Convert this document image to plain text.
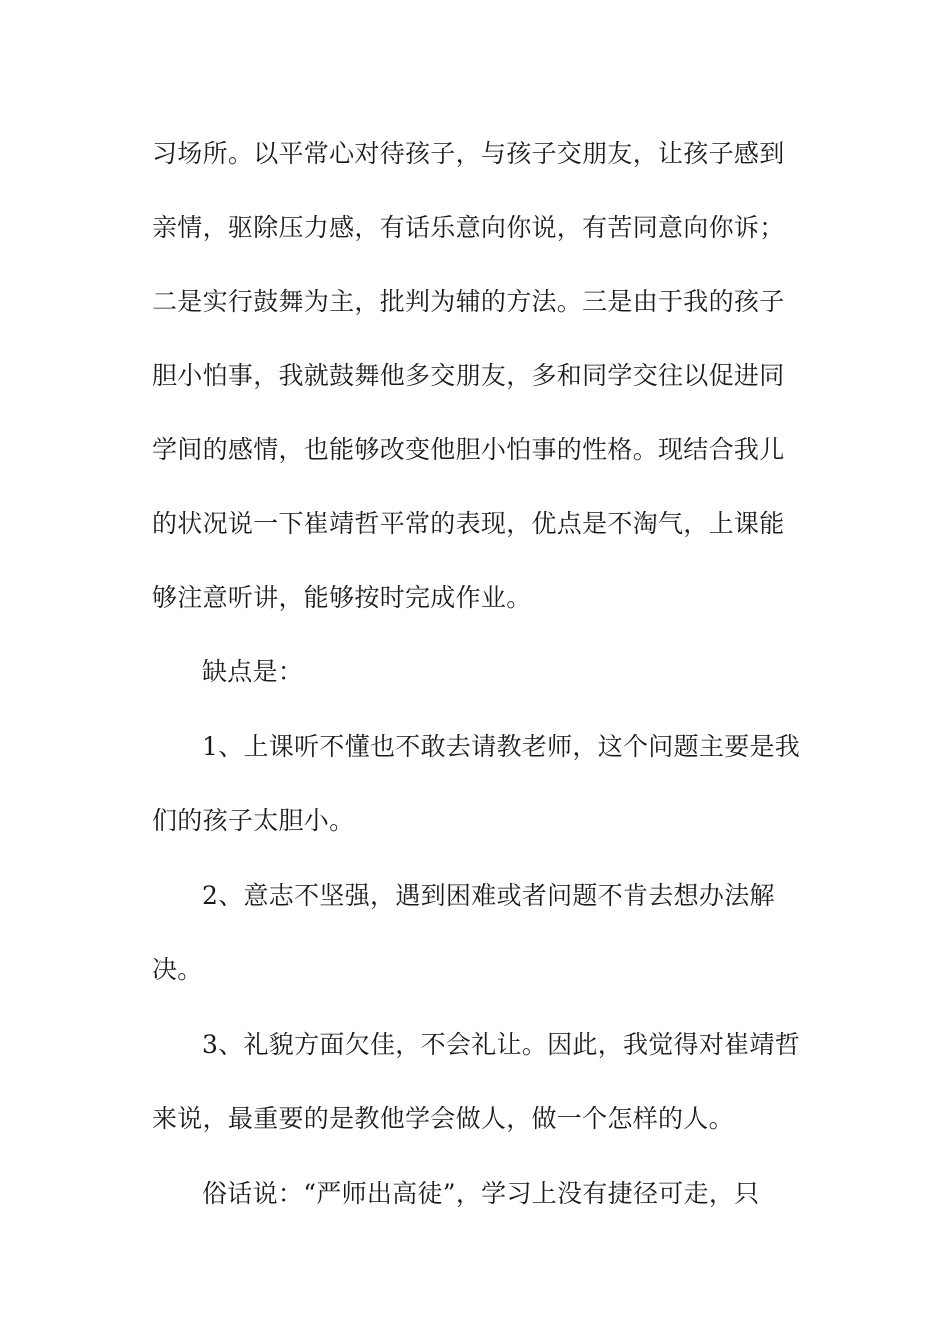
习场所。以平常心对待孩子，与孩子交朋友，让孩子感到
亲情，驱除压力感，有话乐意向你说，有苦同意向你诉；
二是实行鼓舞为主，批判为辅的方法。三是由于我的孩子
胆小怕事，我就鼓舞他多交朋友，多和同学交往以促进同
学间的感情，也能够改变他胆小怕事的性格。现结合我儿
的状况说一下崔靖哲平常的表现，优点是不淘气，上课能
够注意听讲，能够按时完成作业。
缺点是：
1、上课听不懂也不敢去请教老师，这个问题主要是我
们的孩子太胆小。
2、意志不坚强，遇到困难或者问题不肯去想办法解
决。
3、礼貌方面欠佳，不会礼让。因此，我觉得对崔靖哲
来说，最重要的是教他学会做人，做一个怎样的人。
俗话说：“严师出高徒”，学习上没有捷径可走，只
